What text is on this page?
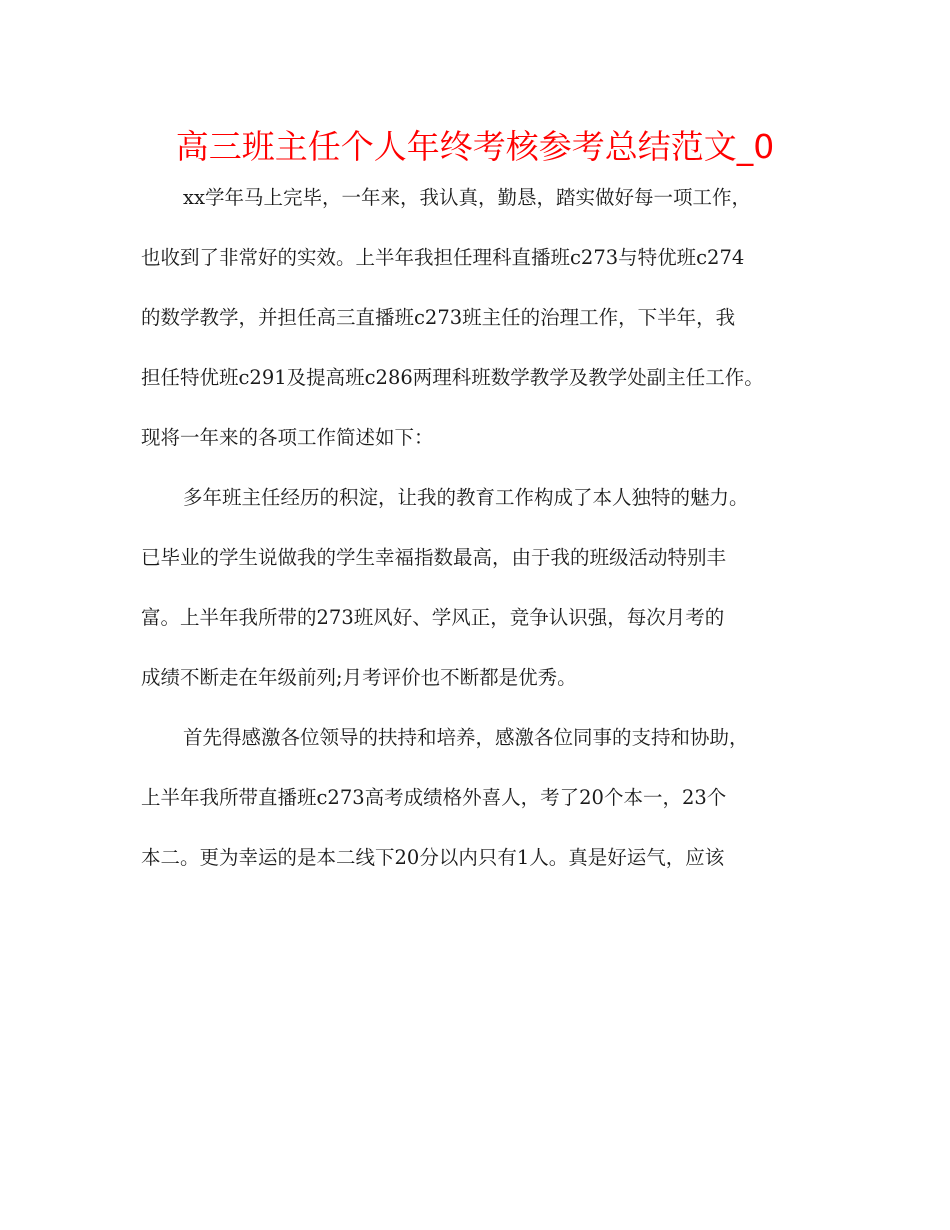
高三班主任个人年终考核参考总结范文_0
xx学年马上完毕，一年来，我认真，勤恳，踏实做好每一项工作，
也收到了非常好的实效。上半年我担任理科直播班c273与特优班c274
的数学教学，并担任高三直播班c273班主任的治理工作，下半年，我
担任特优班c291及提高班c286两理科班数学教学及教学处副主任工作。
现将一年来的各项工作简述如下：
多年班主任经历的积淀，让我的教育工作构成了本人独特的魅力。
已毕业的学生说做我的学生幸福指数最高，由于我的班级活动特别丰
富。上半年我所带的273班风好、学风正，竞争认识强，每次月考的
成绩不断走在年级前列;月考评价也不断都是优秀。
首先得感激各位领导的扶持和培养，感激各位同事的支持和协助，
上半年我所带直播班c273高考成绩格外喜人，考了20个本一，23个
本二。更为幸运的是本二线下20分以内只有1人。真是好运气，应该
